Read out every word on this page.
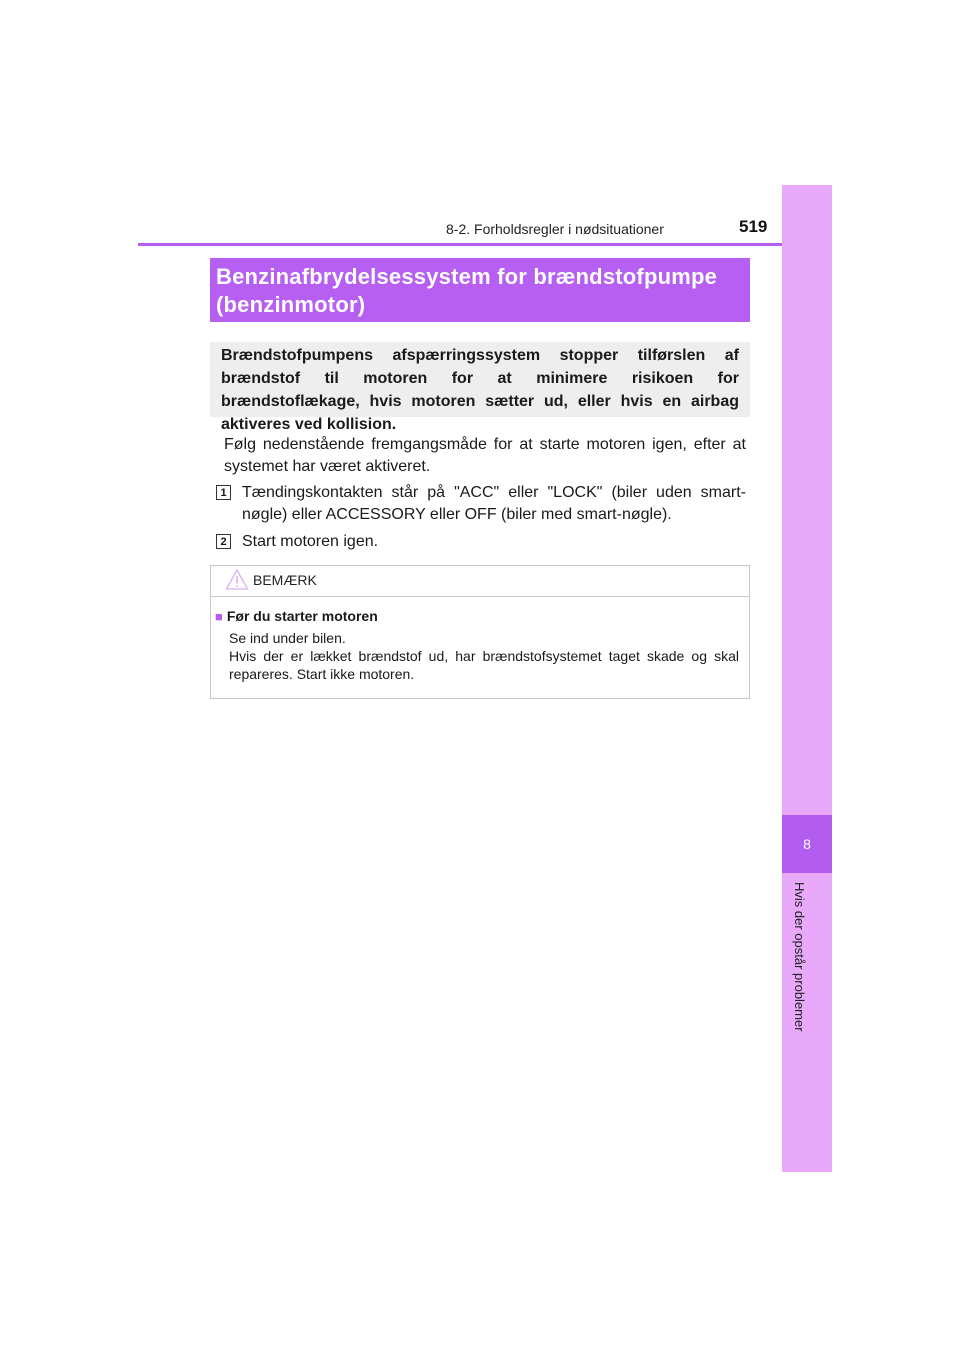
8-2. Forholdsregler i nødsituationer	519
8
Hvis der opstår problemer
Benzinafbrydelsessystem for brændstofpumpe (benzinmotor)
Brændstofpumpens afspærringssystem stopper tilførslen af brændstof til motoren for at minimere risikoen for brændstoflækage, hvis motoren sætter ud, eller hvis en airbag aktiveres ved kollision.
Følg nedenstående fremgangsmåde for at starte motoren igen, efter at systemet har været aktiveret.
1 Tændingskontakten står på "ACC" eller "LOCK" (biler uden smart-nøgle) eller ACCESSORY eller OFF (biler med smart-nøgle).
2 Start motoren igen.
BEMÆRK
■ Før du starter motoren

Se ind under bilen.

Hvis der er lækket brændstof ud, har brændstofsystemet taget skade og skal repareres. Start ikke motoren.
